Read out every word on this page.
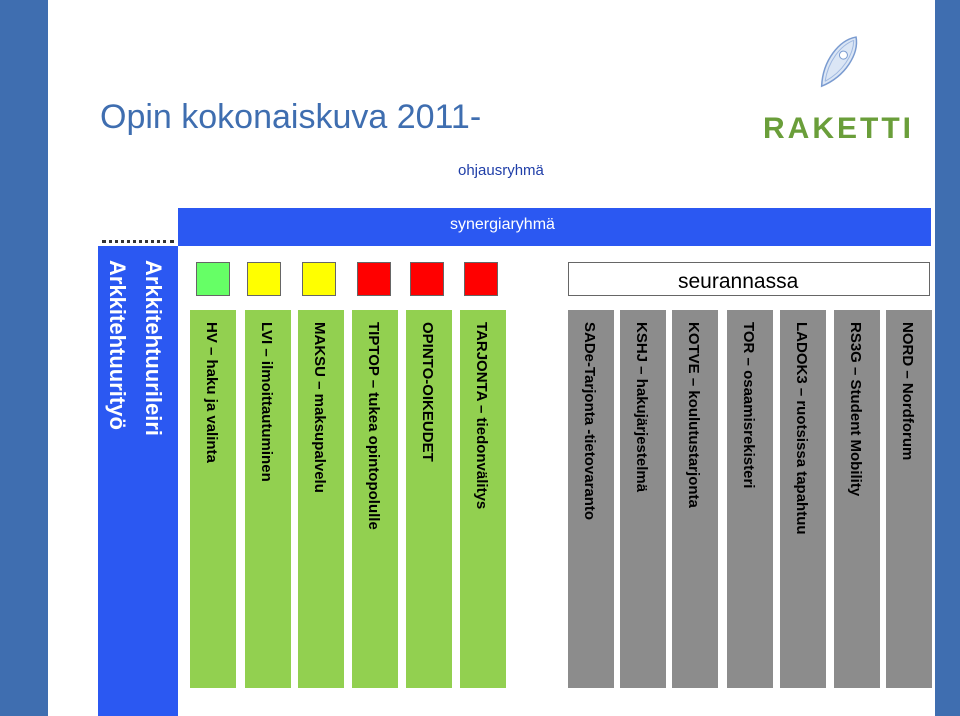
Opin kokonaiskuva 2011-	RAKETTI
ohjausryhmä
synergiaryhmä
Arkkitehtuurityö Arkkitehtuurileiri HV – haku ja valinta	LVI – ilmoittautuminen MAKSU – maksupalvelu TIPTOP – tukea opintopolulle OPINTO-OIKEUDET TARJONTA – tiedonvälitys
seurannassa
SADe-Tarjonta -tietovaranto KSHJ – hakujärjestelmä KOTVE – koulutustarjonta	TOR – osaamisrekisteri LADOK3 – ruotsissa tapahtuu RS3G – Student Mobility NORD – Nordforum
